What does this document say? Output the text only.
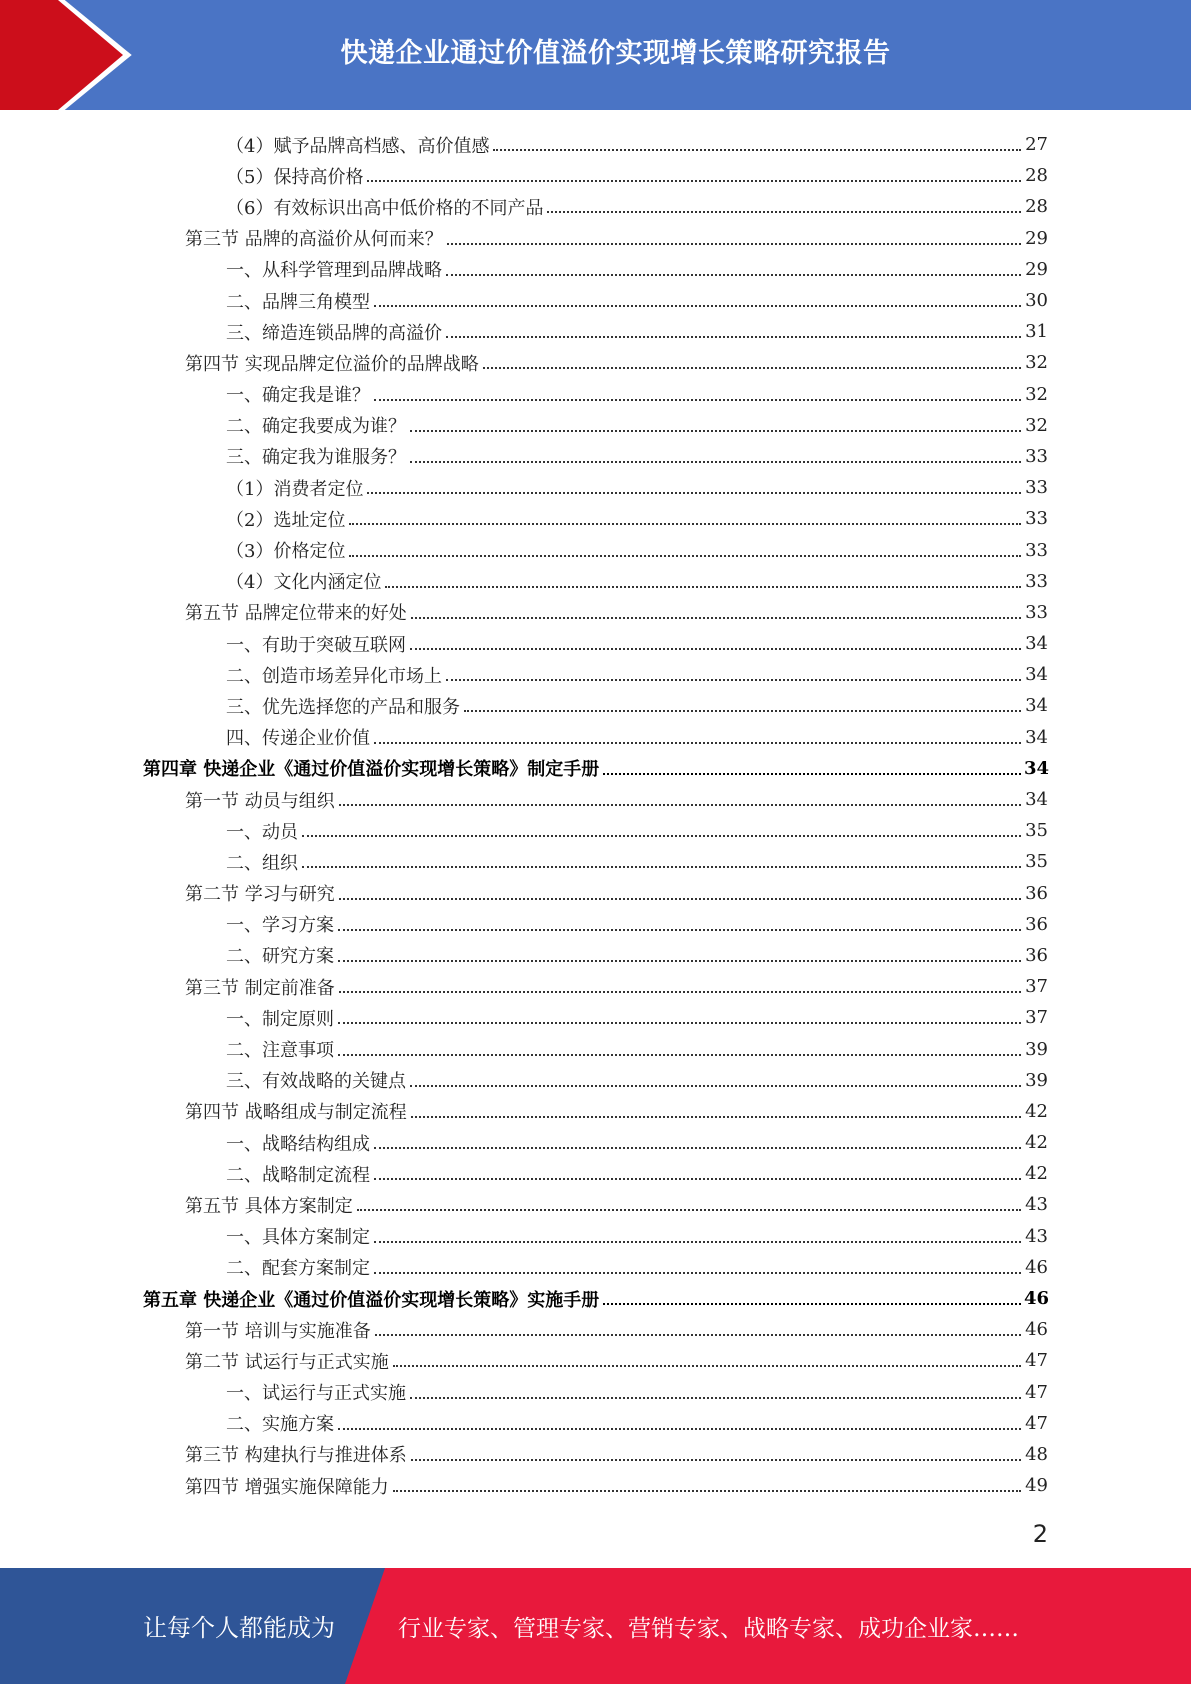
快递企业通过价值溢价实现增长策略研究报告
（4）赋予品牌高档感、高价值感	27
（5）保持高价格	28
（6）有效标识出高中低价格的不同产品	28
第三节 品牌的高溢价从何而来？	29
一、从科学管理到品牌战略	29
二、品牌三角模型	30
三、缔造连锁品牌的高溢价	31
第四节 实现品牌定位溢价的品牌战略	32
一、确定我是谁？	32
二、确定我要成为谁？	32
三、确定我为谁服务？	33
（1）消费者定位	33
（2）选址定位	33
（3）价格定位	33
（4）文化内涵定位	33
第五节 品牌定位带来的好处	33
一、有助于突破互联网	34
二、创造市场差异化市场上	34
三、优先选择您的产品和服务	34
四、传递企业价值	34
第四章 快递企业《通过价值溢价实现增长策略》制定手册	34
第一节 动员与组织	34
一、动员	35
二、组织	35
第二节 学习与研究	36
一、学习方案	36
二、研究方案	36
第三节 制定前准备	37
一、制定原则	37
二、注意事项	39
三、有效战略的关键点	39
第四节 战略组成与制定流程	42
一、战略结构组成	42
二、战略制定流程	42
第五节 具体方案制定	43
一、具体方案制定	43
二、配套方案制定	46
第五章 快递企业《通过价值溢价实现增长策略》实施手册	46
第一节 培训与实施准备	46
第二节 试运行与正式实施	47
一、试运行与正式实施	47
二、实施方案	47
第三节 构建执行与推进体系	48
第四节 增强实施保障能力	49
2
让每个人都能成为	行业专家、管理专家、营销专家、战略专家、成功企业家……
